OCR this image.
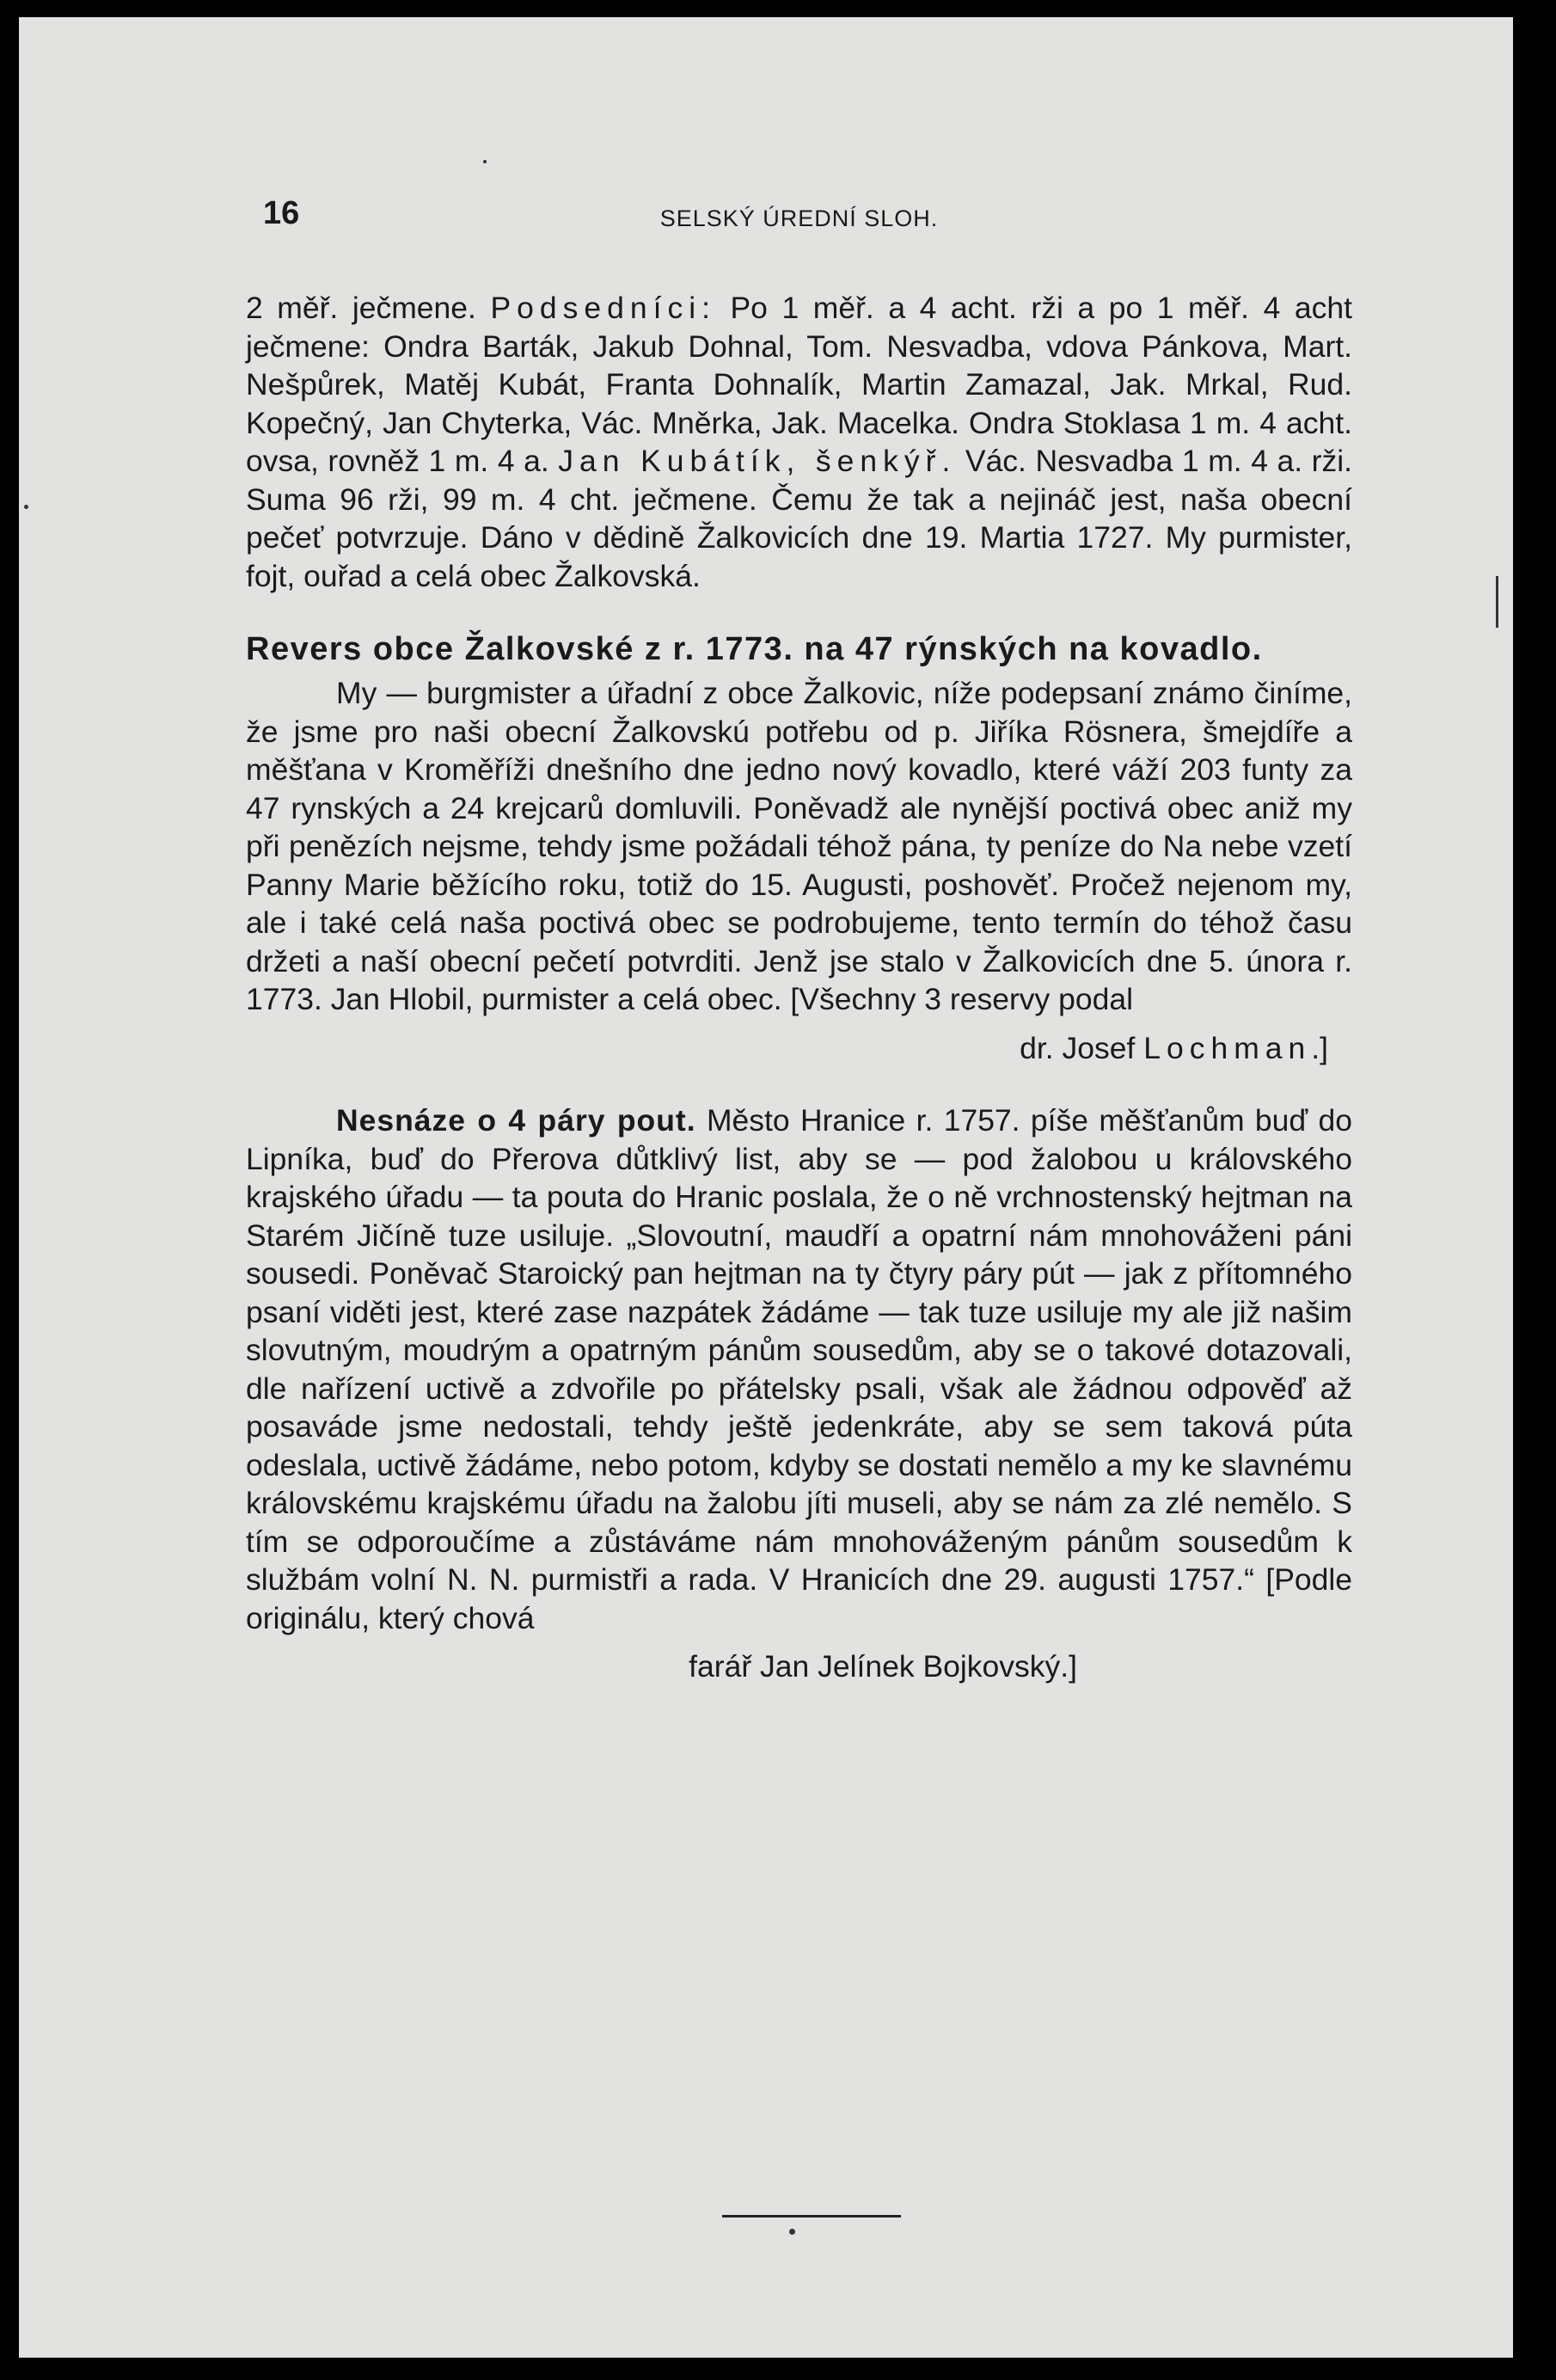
16	SELSKÝ ÚREDNÍ SLOH.

2 měř. ječmene. Podsedníci: Po 1 měř. a 4 acht. rži a po 1 měř. 4 acht ječmene: Ondra Barták, Jakub Dohnal, Tom. Nesvadba, vdova Pánkova, Mart. Nešpůrek, Matěj Kubát, Franta Dohnalík, Martin Zamazal, Jak. Mrkal, Rud. Kopečný, Jan Chyterka, Vác. Mněrka, Jak. Macelka. Ondra Stoklasa 1 m. 4 acht. ovsa, rovněž 1 m. 4 a. Jan Kubátík, šenkýř. Vác. Nesvadba 1 m. 4 a. rži. Suma 96 rži, 99 m. 4 cht. ječmene. Čemu že tak a nejináč jest, naša obecní pečeť potvrzuje. Dáno v dědině Žalkovicích dne 19. Martia 1727. My purmister, fojt, ouřad a celá obec Žalkovská.

Revers obce Žalkovské z r. 1773. na 47 rýnských na kovadlo.

My — burgmister a úřadní z obce Žalkovic, níže podepsaní známo činíme, že jsme pro naši obecní Žalkovskú potřebu od p. Jiříka Rösnera, šmejdíře a měšťana v Kroměříži dnešního dne jedno nový kovadlo, které váží 203 funty za 47 rynských a 24 krejcarů domluvili. Poněvadž ale nynější poctivá obec aniž my při penězích nejsme, tehdy jsme požádali téhož pána, ty peníze do Na nebe vzetí Panny Marie běžícího roku, totiž do 15. Augusti, poshověť. Pročež nejenom my, ale i také celá naša poctivá obec se podrobujeme, tento termín do téhož času držeti a naší obecní pečetí potvrditi. Jenž jse stalo v Žalkovicích dne 5. února r. 1773. Jan Hlobil, purmister a celá obec. [Všechny 3 reservy podal

dr. Josef Lochman.]

Nesnáze o 4 páry pout. Město Hranice r. 1757. píše měšťanům buď do Lipníka, buď do Přerova důtklivý list, aby se — pod žalobou u královského krajského úřadu — ta pouta do Hranic poslala, že o ně vrchnostenský hejtman na Starém Jičíně tuze usiluje. „Slovoutní, maudří a opatrní nám mnohováženi páni sousedi. Poněvač Staroický pan hejtman na ty čtyry páry pút — jak z přítomného psaní viděti jest, které zase nazpátek žádáme — tak tuze usiluje my ale již našim slovutným, moudrým a opatrným pánům sousedům, aby se o takové dotazovali, dle nařízení uctivě a zdvořile po přátelsky psali, však ale žádnou odpověď až posaváde jsme nedostali, tehdy ještě jedenkráte, aby se sem taková púta odeslala, uctivě žádáme, nebo potom, kdyby se dostati nemělo a my ke slavnému královskému krajskému úřadu na žalobu jíti museli, aby se nám za zlé nemělo. S tím se odporoučíme a zůstáváme nám mnohováženým pánům sousedům k službám volní N. N. purmistři a rada. V Hranicích dne 29. augusti 1757.“ [Podle originálu, který chová

farář Jan Jelínek Bojkovský.]
